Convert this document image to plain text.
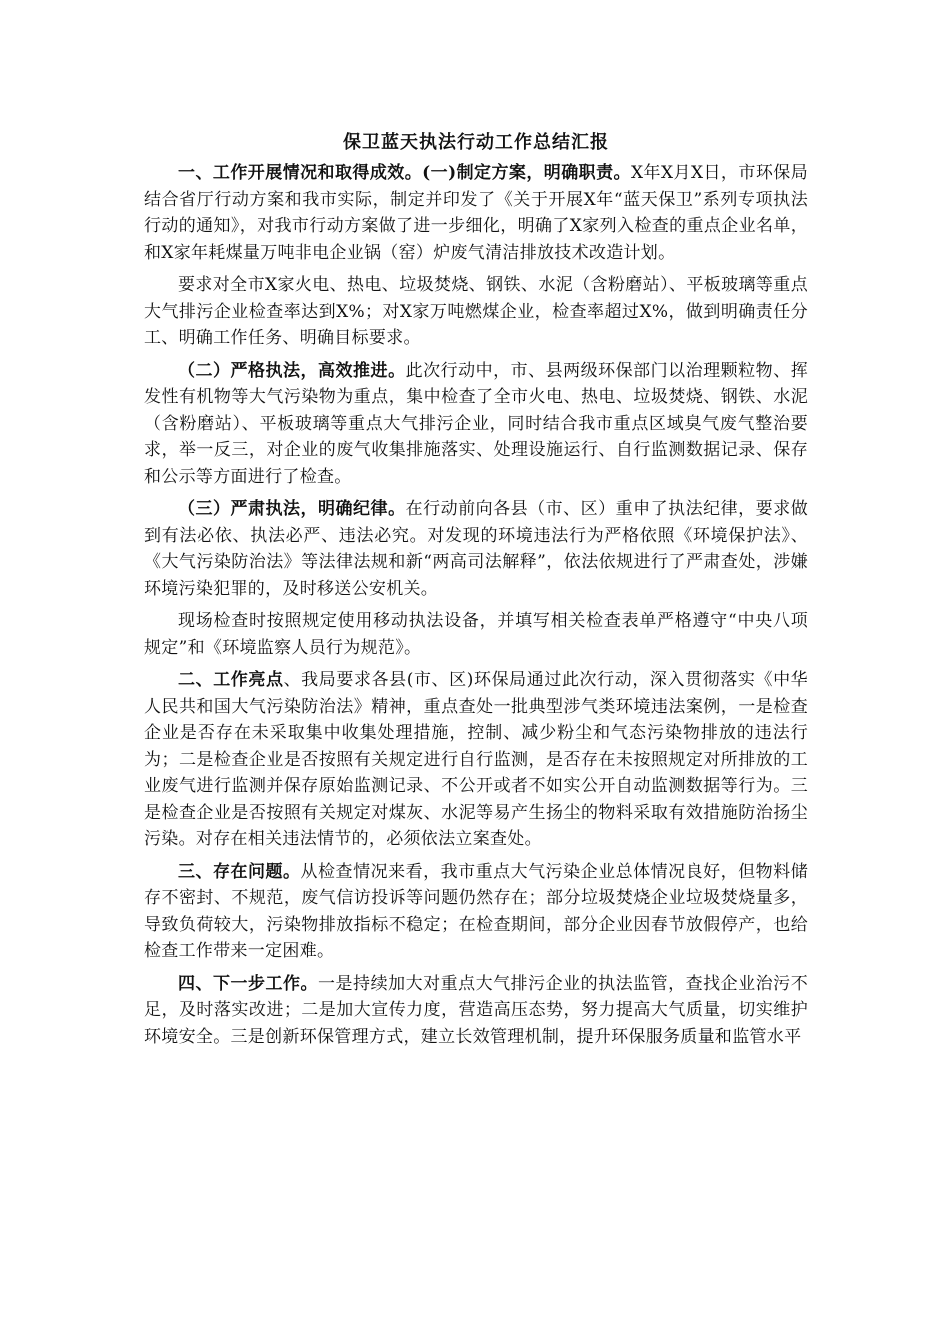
保卫蓝天执法行动工作总结汇报

一、工作开展情况和取得成效。(一)制定方案，明确职责。X年X月X日，市环保局结合省厅行动方案和我市实际，制定并印发了《关于开展X年“蓝天保卫”系列专项执法行动的通知》，对我市行动方案做了进一步细化，明确了X家列入检查的重点企业名单，和X家年耗煤量万吨非电企业锅（窑）炉废气清洁排放技术改造计划。

要求对全市X家火电、热电、垃圾焚烧、钢铁、水泥（含粉磨站）、平板玻璃等重点大气排污企业检查率达到X%；对X家万吨燃煤企业，检查率超过X%，做到明确责任分工、明确工作任务、明确目标要求。

（二）严格执法，高效推进。此次行动中，市、县两级环保部门以治理颗粒物、挥发性有机物等大气污染物为重点，集中检查了全市火电、热电、垃圾焚烧、钢铁、水泥（含粉磨站）、平板玻璃等重点大气排污企业，同时结合我市重点区域臭气废气整治要求，举一反三，对企业的废气收集排施落实、处理设施运行、自行监测数据记录、保存和公示等方面进行了检查。

（三）严肃执法，明确纪律。在行动前向各县（市、区）重申了执法纪律，要求做到有法必依、执法必严、违法必究。对发现的环境违法行为严格依照《环境保护法》、《大气污染防治法》等法律法规和新“两高司法解释”，依法依规进行了严肃查处，涉嫌环境污染犯罪的，及时移送公安机关。

现场检查时按照规定使用移动执法设备，并填写相关检查表单严格遵守“中央八项规定”和《环境监察人员行为规范》。

二、工作亮点、我局要求各县(市、区)环保局通过此次行动，深入贯彻落实《中华人民共和国大气污染防治法》精神，重点查处一批典型涉气类环境违法案例，一是检查企业是否存在未采取集中收集处理措施，控制、减少粉尘和气态污染物排放的违法行为；二是检查企业是否按照有关规定进行自行监测，是否存在未按照规定对所排放的工业废气进行监测并保存原始监测记录、不公开或者不如实公开自动监测数据等行为。三是检查企业是否按照有关规定对煤灰、水泥等易产生扬尘的物料采取有效措施防治扬尘污染。对存在相关违法情节的，必须依法立案查处。

三、存在问题。从检查情况来看，我市重点大气污染企业总体情况良好，但物料储存不密封、不规范，废气信访投诉等问题仍然存在；部分垃圾焚烧企业垃圾焚烧量多，导致负荷较大，污染物排放指标不稳定；在检查期间，部分企业因春节放假停产，也给检查工作带来一定困难。

四、下一步工作。一是持续加大对重点大气排污企业的执法监管，查找企业治污不足，及时落实改进；二是加大宣传力度，营造高压态势，努力提高大气质量，切实维护环境安全。三是创新环保管理方式，建立长效管理机制，提升环保服务质量和监管水平
